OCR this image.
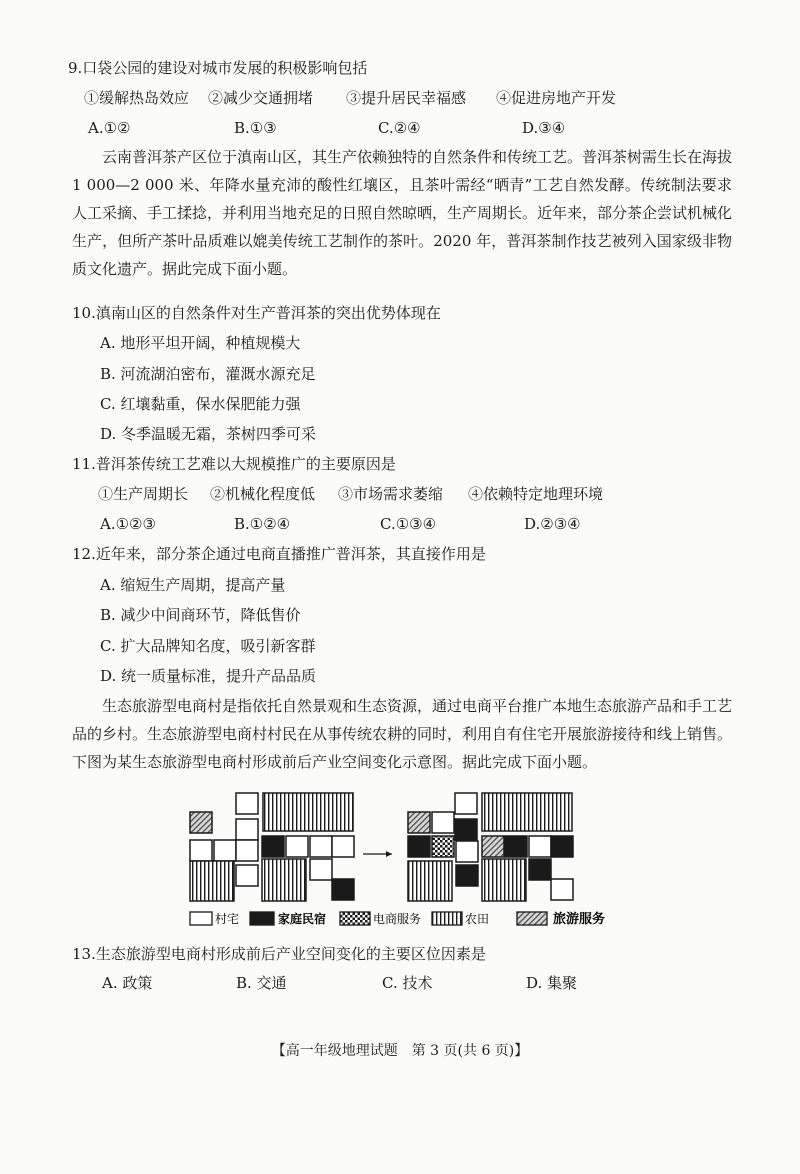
9.口袋公园的建设对城市发展的积极影响包括
①缓解热岛效应 ②减少交通拥堵 ③提升居民幸福感 ④促进房地产开发
A.①②	B.①③	C.②④	D.③④
云南普洱茶产区位于滇南山区，其生产依赖独特的自然条件和传统工艺。普洱茶树需生长在海拔 1 000—2 000 米、年降水量充沛的酸性红壤区，且茶叶需经“晒青”工艺自然发酵。传统制法要求人工采摘、手工揉捻，并利用当地充足的日照自然晾晒，生产周期长。近年来，部分茶企尝试机械化生产，但所产茶叶品质难以媲美传统工艺制作的茶叶。2020 年，普洱茶制作技艺被列入国家级非物质文化遗产。据此完成下面小题。
10.滇南山区的自然条件对生产普洱茶的突出优势体现在
A. 地形平坦开阔，种植规模大
B. 河流湖泊密布，灌溉水源充足
C. 红壤黏重，保水保肥能力强
D. 冬季温暖无霜，茶树四季可采
11.普洱茶传统工艺难以大规模推广的主要原因是
①生产周期长 ②机械化程度低 ③市场需求萎缩 ④依赖特定地理环境
A.①②③	B.①②④	C.①③④	D.②③④
12.近年来，部分茶企通过电商直播推广普洱茶，其直接作用是
A. 缩短生产周期，提高产量
B. 减少中间商环节，降低售价
C. 扩大品牌知名度，吸引新客群
D. 统一质量标准，提升产品品质
生态旅游型电商村是指依托自然景观和生态资源，通过电商平台推广本地生态旅游产品和手工艺品的乡村。生态旅游型电商村村民在从事传统农耕的同时，利用自有住宅开展旅游接待和线上销售。下图为某生态旅游型电商村形成前后产业空间变化示意图。据此完成下面小题。
村宅	家庭民宿	电商服务	农田	旅游服务
13.生态旅游型电商村形成前后产业空间变化的主要区位因素是
A. 政策	B. 交通	C. 技术	D. 集聚
【高一年级地理试题　第 3 页(共 6 页)】
